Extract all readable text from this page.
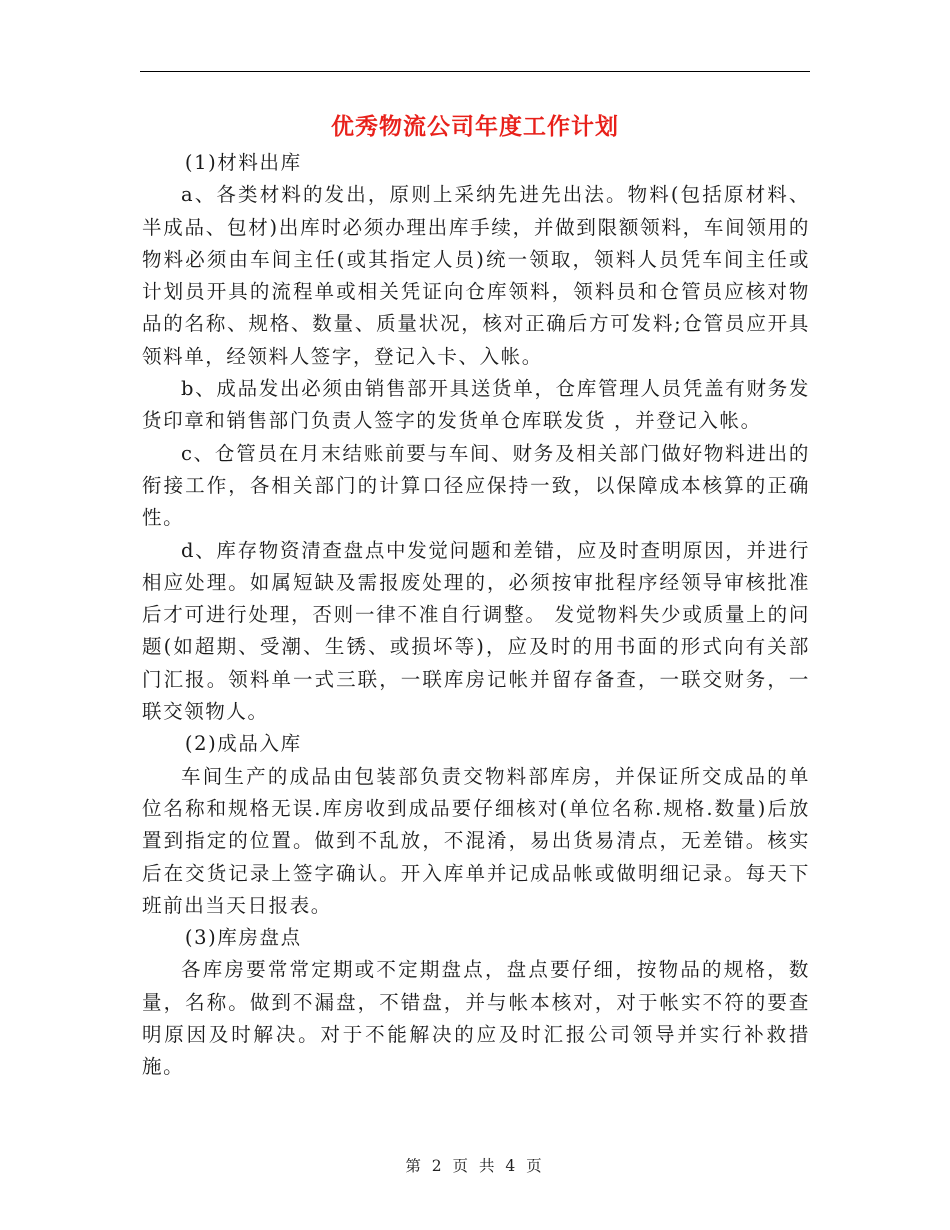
优秀物流公司年度工作计划

(1)材料出库

a、各类材料的发出，原则上采纳先进先出法。物料(包括原材料、半成品、包材)出库时必须办理出库手续，并做到限额领料，车间领用的物料必须由车间主任(或其指定人员)统一领取，领料人员凭车间主任或计划员开具的流程单或相关凭证向仓库领料，领料员和仓管员应核对物品的名称、规格、数量、质量状况，核对正确后方可发料;仓管员应开具领料单，经领料人签字，登记入卡、入帐。

b、成品发出必须由销售部开具送货单，仓库管理人员凭盖有财务发货印章和销售部门负责人签字的发货单仓库联发货 ，并登记入帐。

c、仓管员在月末结账前要与车间、财务及相关部门做好物料进出的衔接工作，各相关部门的计算口径应保持一致，以保障成本核算的正确性。

d、库存物资清查盘点中发觉问题和差错，应及时查明原因，并进行相应处理。如属短缺及需报废处理的，必须按审批程序经领导审核批准后才可进行处理，否则一律不准自行调整。 发觉物料失少或质量上的问题(如超期、受潮、生锈、或损坏等)，应及时的用书面的形式向有关部门汇报。领料单一式三联，一联库房记帐并留存备查，一联交财务，一联交领物人。

(2)成品入库

车间生产的成品由包装部负责交物料部库房，并保证所交成品的单位名称和规格无误.库房收到成品要仔细核对(单位名称.规格.数量)后放置到指定的位置。做到不乱放，不混淆，易出货易清点，无差错。核实后在交货记录上签字确认。开入库单并记成品帐或做明细记录。每天下班前出当天日报表。

(3)库房盘点

各库房要常常定期或不定期盘点，盘点要仔细，按物品的规格，数量，名称。做到不漏盘，不错盘，并与帐本核对，对于帐实不符的要查明原因及时解决。对于不能解决的应及时汇报公司领导并实行补救措施。

第 2 页 共 4 页
